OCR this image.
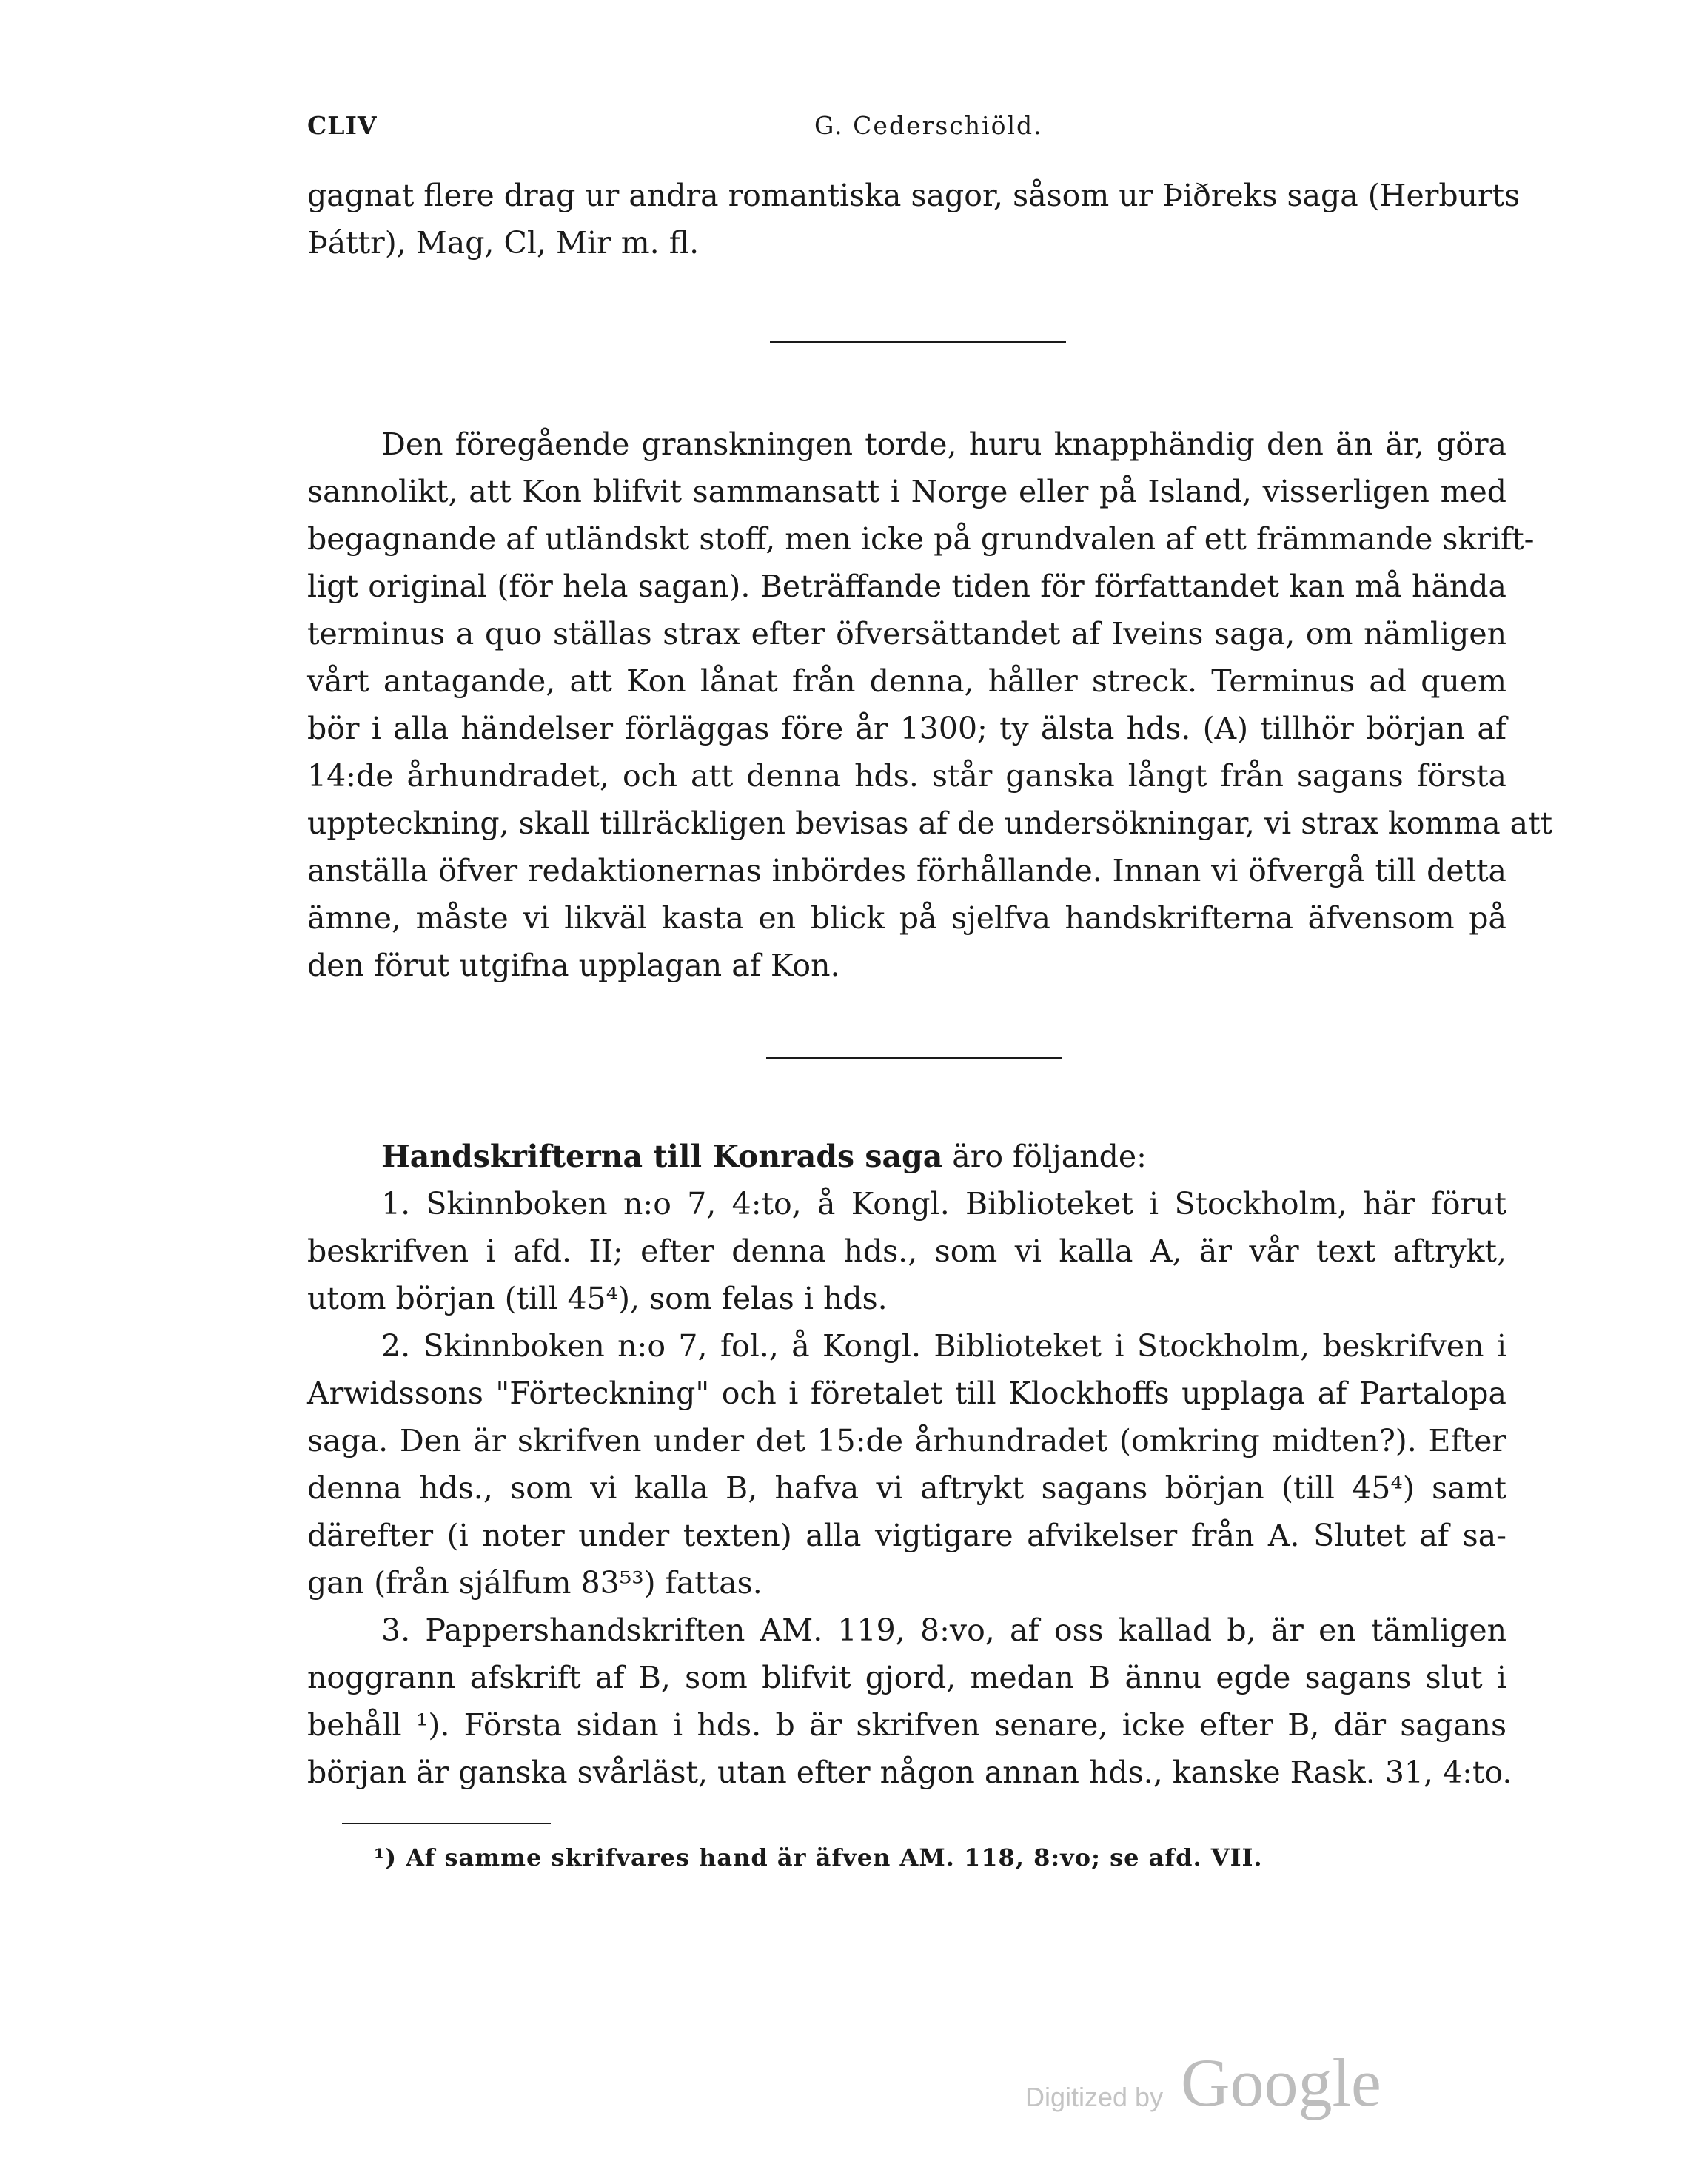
CLIV	G. Cederschiöld.
gagnat flere drag ur andra romantiska sagor, såsom ur Þiðreks saga (Herburts
Þáttr), Mag, Cl, Mir m. fl.
Den föregående granskningen torde, huru knapphändig den än är, göra
sannolikt, att Kon blifvit sammansatt i Norge eller på Island, visserligen med
begagnande af utländskt stoff, men icke på grundvalen af ett främmande skrift-
ligt original (för hela sagan). Beträffande tiden för författandet kan må hända
terminus a quo ställas strax efter öfversättandet af Iveins saga, om nämligen
vårt antagande, att Kon lånat från denna, håller streck. Terminus ad quem
bör i alla händelser förläggas före år 1300; ty älsta hds. (A) tillhör början af
14:de århundradet, och att denna hds. står ganska långt från sagans första
uppteckning, skall tillräckligen bevisas af de undersökningar, vi strax komma att
anställa öfver redaktionernas inbördes förhållande. Innan vi öfvergå till detta
ämne, måste vi likväl kasta en blick på sjelfva handskrifterna äfvensom på
den förut utgifna upplagan af Kon.
Handskrifterna till Konrads saga äro följande:
1. Skinnboken n:o 7, 4:to, å Kongl. Biblioteket i Stockholm, här förut
beskrifven i afd. II; efter denna hds., som vi kalla A, är vår text aftrykt,
utom början (till 45⁴), som felas i hds.
2. Skinnboken n:o 7, fol., å Kongl. Biblioteket i Stockholm, beskrifven i
Arwidssons "Förteckning" och i företalet till Klockhoffs upplaga af Partalopa
saga. Den är skrifven under det 15:de århundradet (omkring midten?). Efter
denna hds., som vi kalla B, hafva vi aftrykt sagans början (till 45⁴) samt
därefter (i noter under texten) alla vigtigare afvikelser från A. Slutet af sa-
gan (från sjálfum 83⁵³) fattas.
3. Pappershandskriften AM. 119, 8:vo, af oss kallad b, är en tämligen
noggrann afskrift af B, som blifvit gjord, medan B ännu egde sagans slut i
behåll ¹). Första sidan i hds. b är skrifven senare, icke efter B, där sagans
början är ganska svårläst, utan efter någon annan hds., kanske Rask. 31, 4:to.
¹) Af samme skrifvares hand är äfven AM. 118, 8:vo; se afd. VII.
Digitized by Google
